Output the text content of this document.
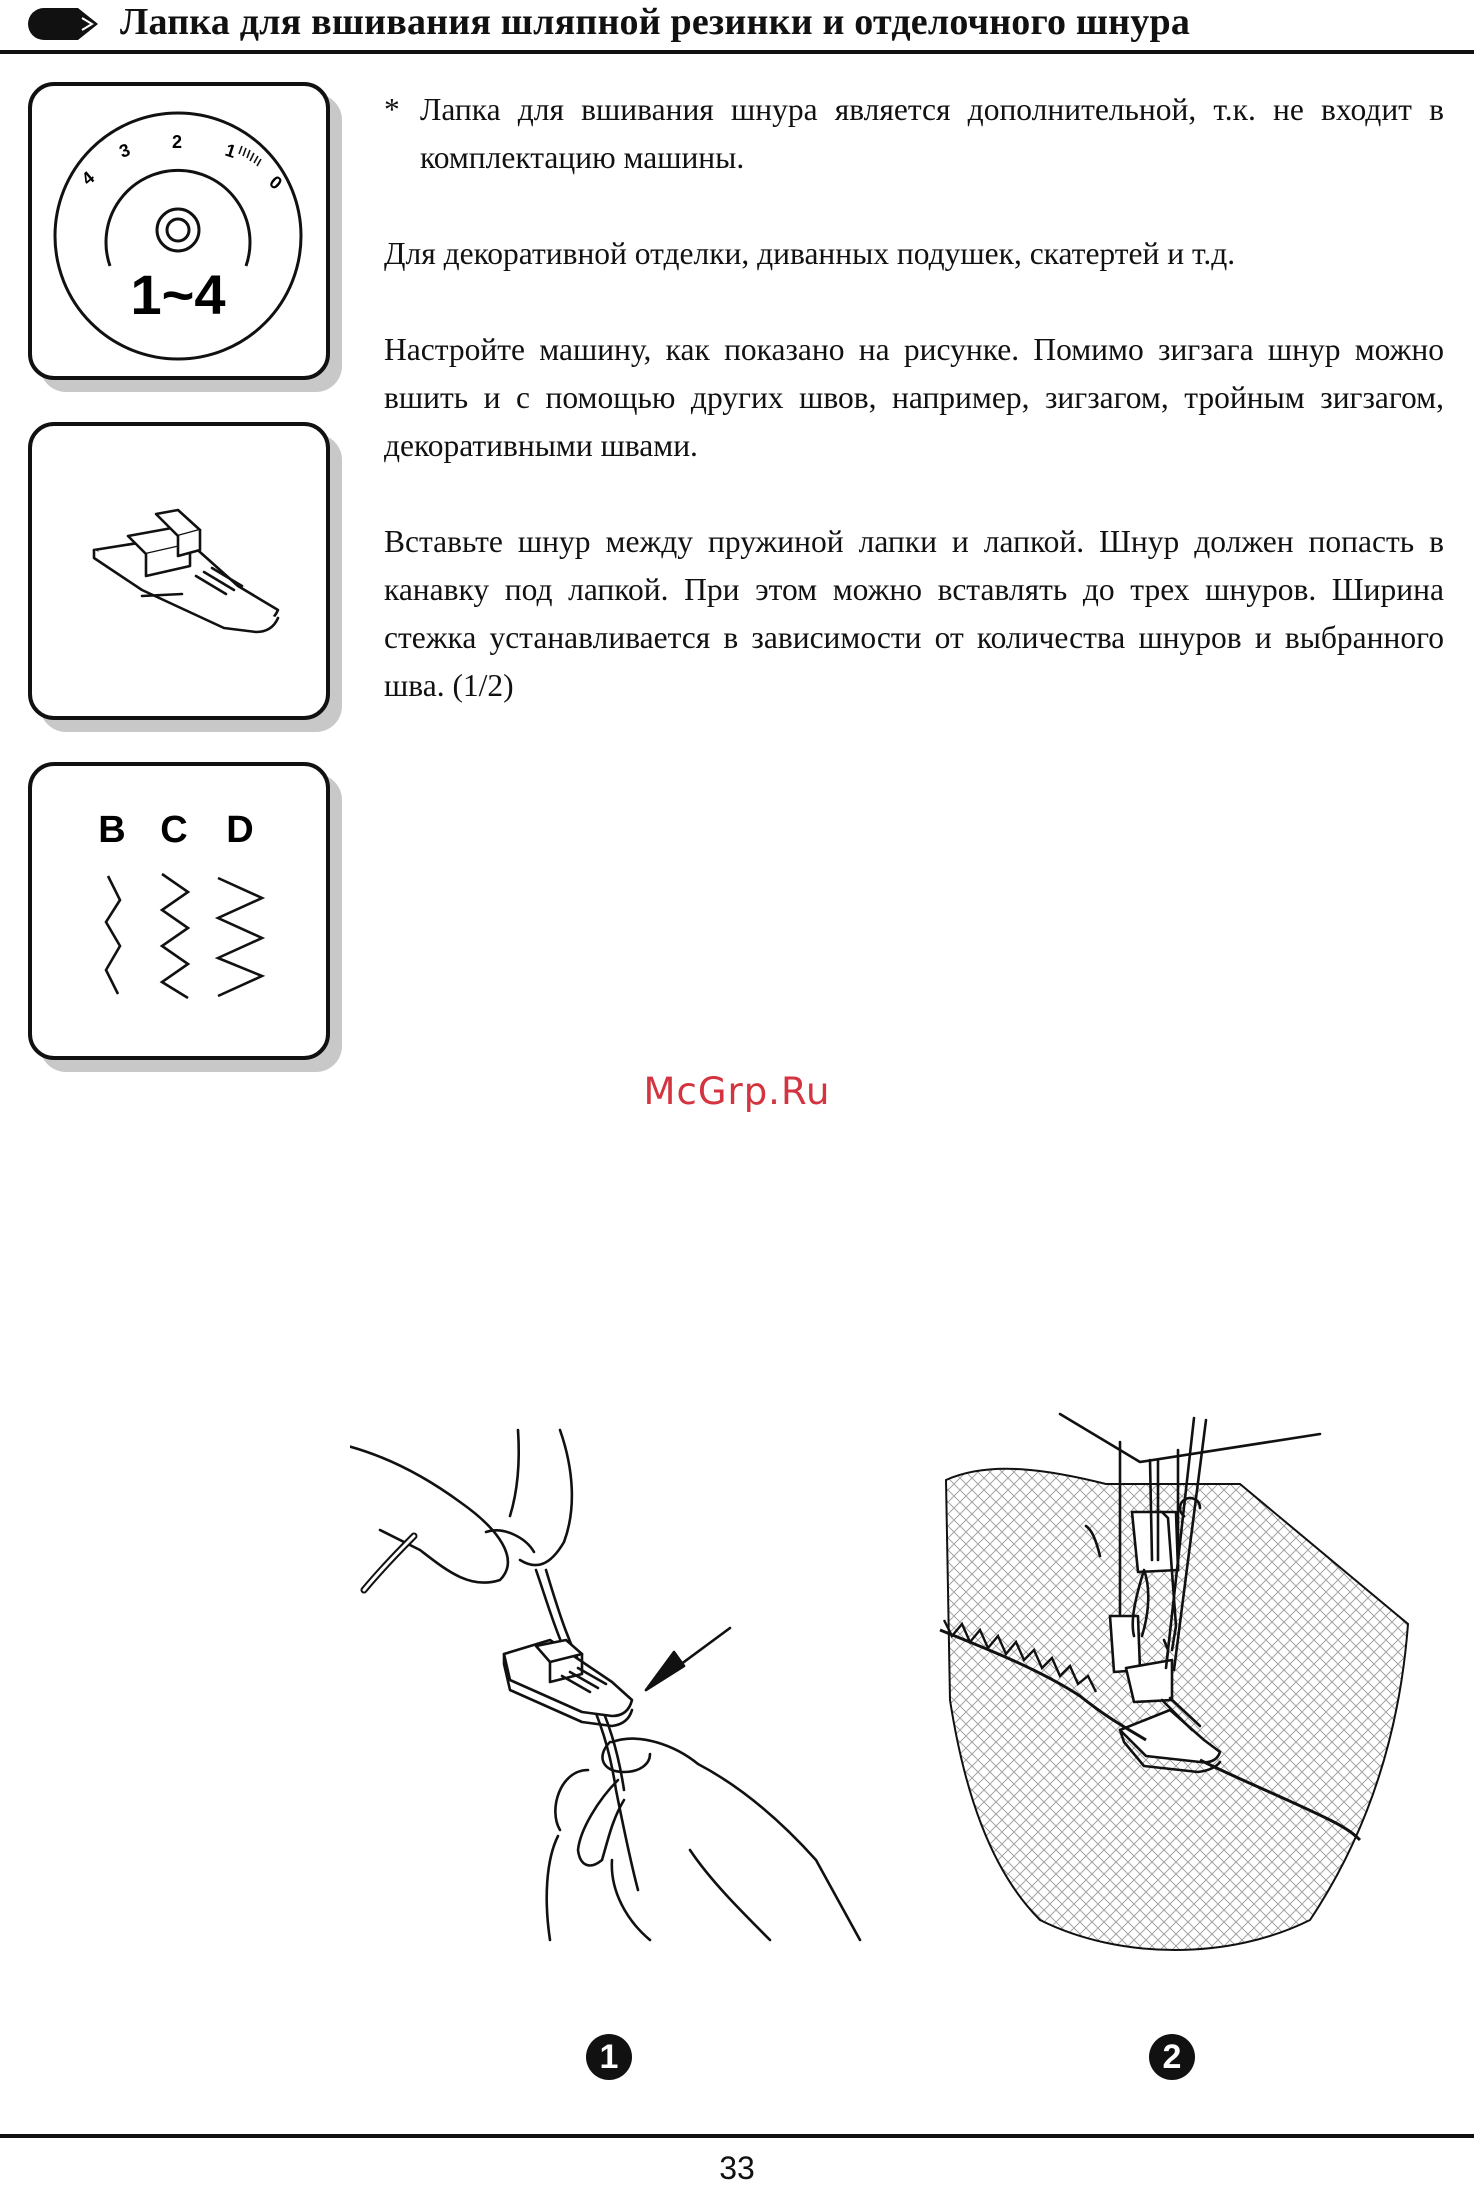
Лапка для вшивания шляпной резинки и отделочного шнура
4
3 2 1
0
1~4
B C D
* Лапка для вшивания шнура является дополнительной, т.к. не входит в комплектацию машины.

Для декоративной отделки, диванных подушек, скатертей и т.д.

Настройте машину, как показано на рисунке. Помимо зигзага шнур можно вшить и с помощью других швов, например, зигзагом, тройным зигзагом, декоративными швами.

Вставьте шнур между пружиной лапки и лапкой. Шнур должен попасть в канавку под лапкой. При этом можно вставлять до трех шнуров. Ширина стежка устанавливается в зависимости от количества шнуров и выбранного шва. (1/2)

McGrp.Ru
1	2
33
